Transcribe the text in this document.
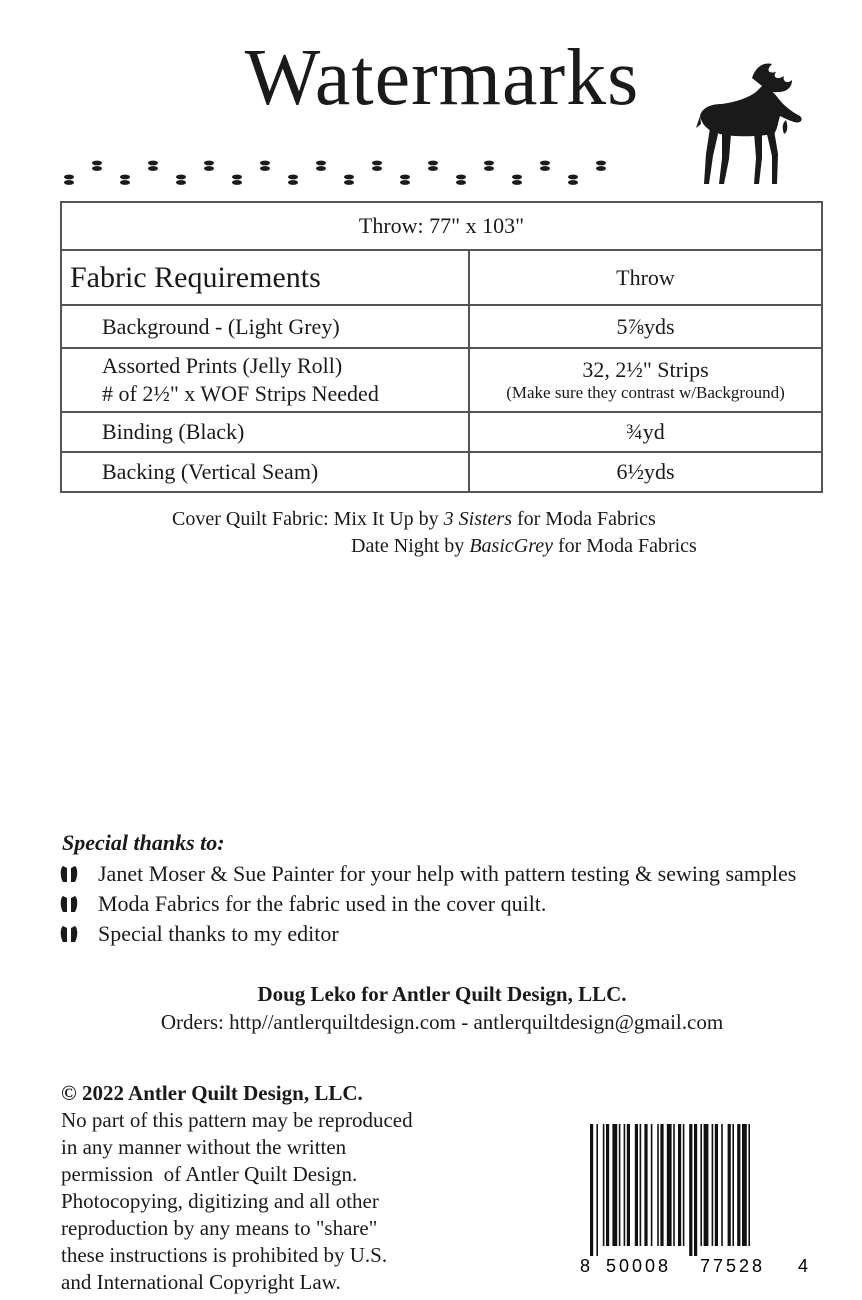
Watermarks
Throw: 77" x 103"	
Fabric Requirements	Throw
Background - (Light Grey)	5⅞yds

Assorted Prints (Jelly Roll)
# of 2½" x WOF Strips Needed	32, 2½" Strips
(Make sure they contrast w/Background)

Binding (Black)	¾yd
Backing (Vertical Seam)	6½yds
Cover Quilt Fabric: Mix It Up by 3 Sisters for Moda Fabrics
Date Night by BasicGrey for Moda Fabrics
Special thanks to:
Janet Moser & Sue Painter for your help with pattern testing & sewing samples
Moda Fabrics for the fabric used in the cover quilt.
Special thanks to my editor
Doug Leko for Antler Quilt Design, LLC.
Orders: http//antlerquiltdesign.com - antlerquiltdesign@gmail.com
© 2022 Antler Quilt Design, LLC.
No part of this pattern may be reproduced
in any manner without the written
permission  of Antler Quilt Design.
Photocopying, digitizing and all other
reproduction by any means to "share"
these instructions is prohibited by U.S.
and International Copyright Law.
8 50008 77528 4
